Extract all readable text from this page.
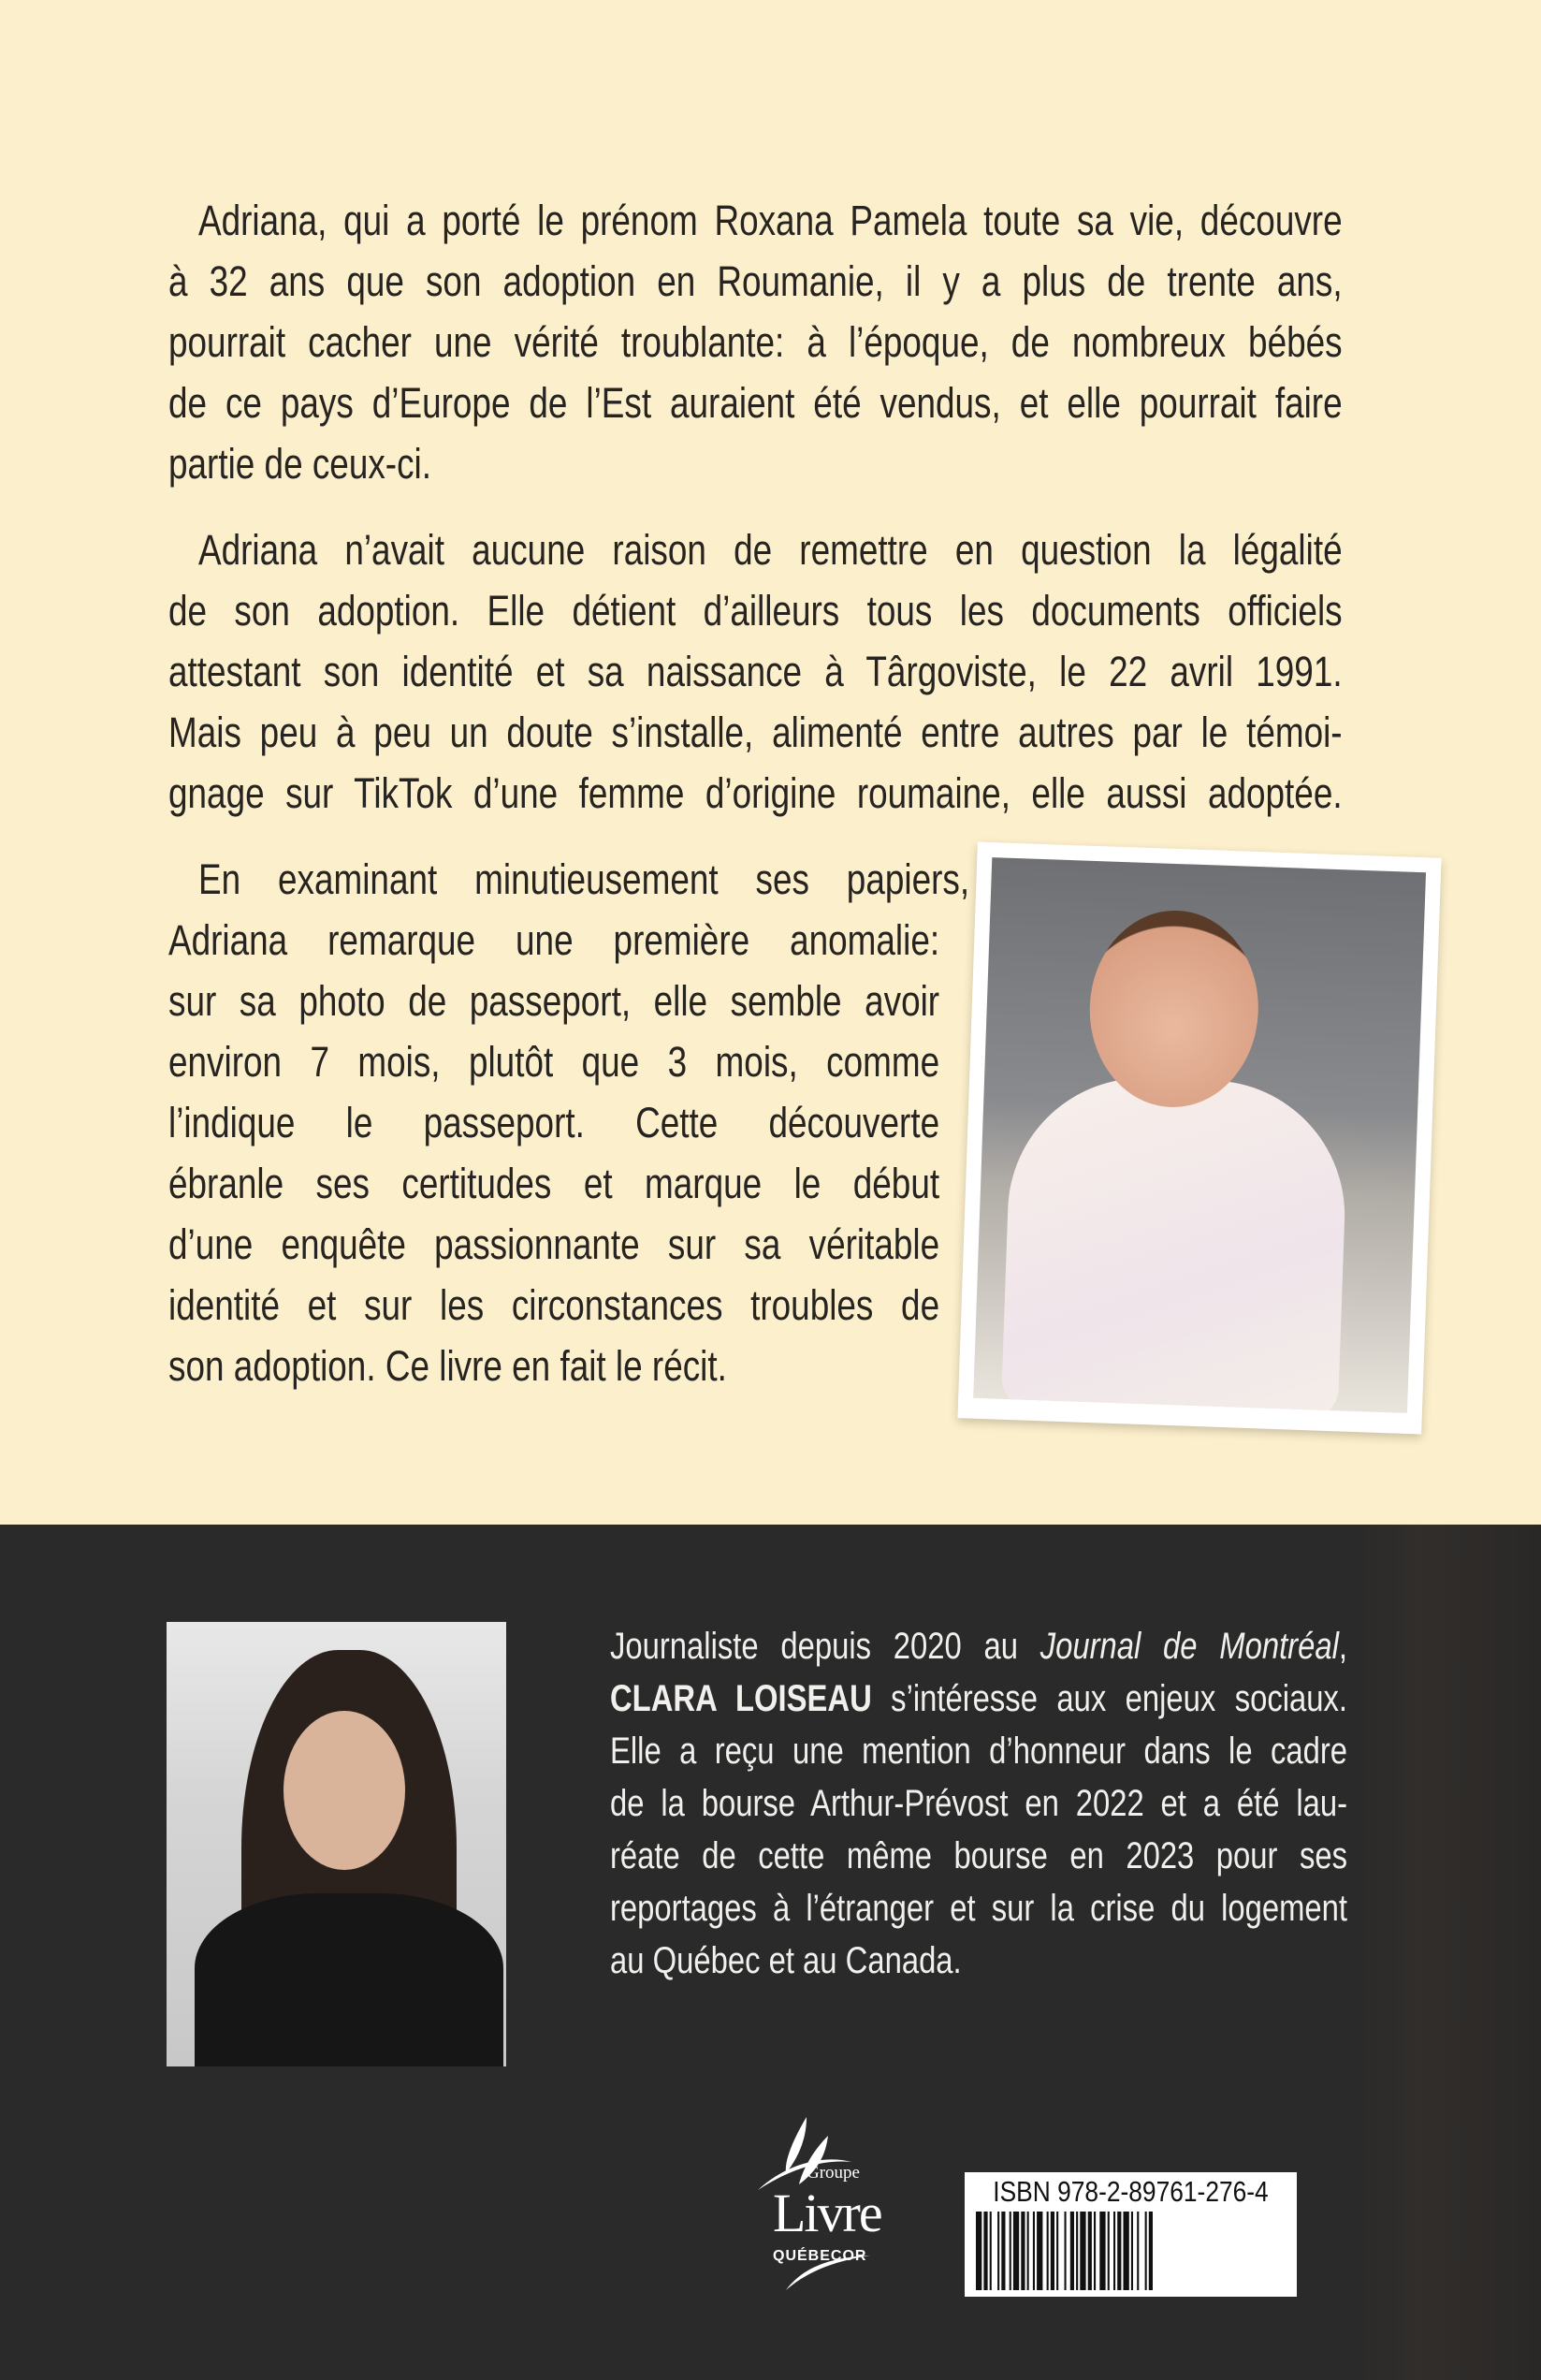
Adriana, qui a porté le prénom Roxana Pamela toute sa vie, découvre
à 32 ans que son adoption en Roumanie, il y a plus de trente ans,
pourrait cacher une vérité troublante: à l’époque, de nombreux bébés
de ce pays d’Europe de l’Est auraient été vendus, et elle pourrait faire
partie de ceux-ci.
Adriana n’avait aucune raison de remettre en question la légalité
de son adoption. Elle détient d’ailleurs tous les documents officiels
attestant son identité et sa naissance à Târgoviste, le 22 avril 1991.
Mais peu à peu un doute s’installe, alimenté entre autres par le témoi-
gnage sur TikTok d’une femme d’origine roumaine, elle aussi adoptée.
En examinant minutieusement ses papiers,
Adriana remarque une première anomalie:
sur sa photo de passeport, elle semble avoir
environ 7 mois, plutôt que 3 mois, comme
l’indique le passeport. Cette découverte
ébranle ses certitudes et marque le début
d’une enquête passionnante sur sa véritable
identité et sur les circonstances troubles de
son adoption. Ce livre en fait le récit.
Journaliste depuis 2020 au Journal de Montréal,
CLARA LOISEAU s’intéresse aux enjeux sociaux.
Elle a reçu une mention d’honneur dans le cadre
de la bourse Arthur-Prévost en 2022 et a été lau-
réate de cette même bourse en 2023 pour ses
reportages à l’étranger et sur la crise du logement
au Québec et au Canada.
Groupe
Livre
QUÉBECOR
ISBN 978-2-89761-276-4
